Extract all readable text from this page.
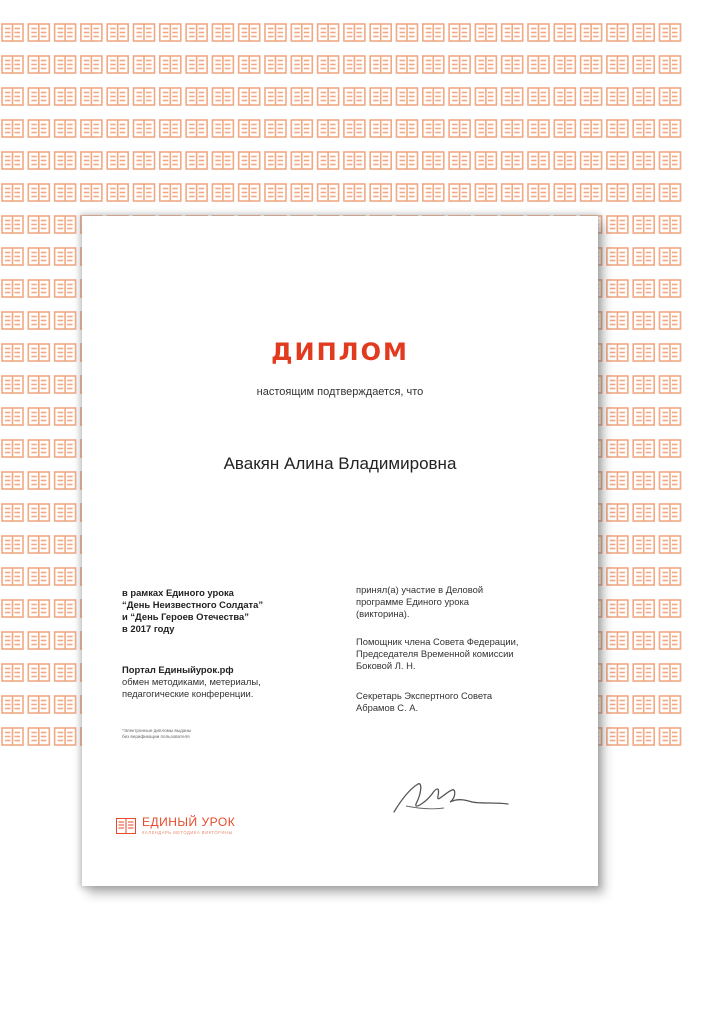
ДИПЛОМ
настоящим подтверждается, что
Авакян Алина Владимировна
в рамках Единого урока
“День Неизвестного Солдата”
и “День Героев Отечества”
в 2017 году
Портал Единыйурок.рф
обмен методиками, метериалы,
педагогические конференции.
*Электронные дипломы выданы
без верификации пользователя

принял(а) участие в Деловой
программе Единого урока
(викторина).

Помощник члена Совета Федерации,
Председателя Временной комиссии
Боковой Л. Н.

Секретарь Экспертного Совета
Абрамов С. А.

ЕДИНЫЙ УРОК
КАЛЕНДАРЬ МЕТОДИКА ВИКТОРИНЫ
